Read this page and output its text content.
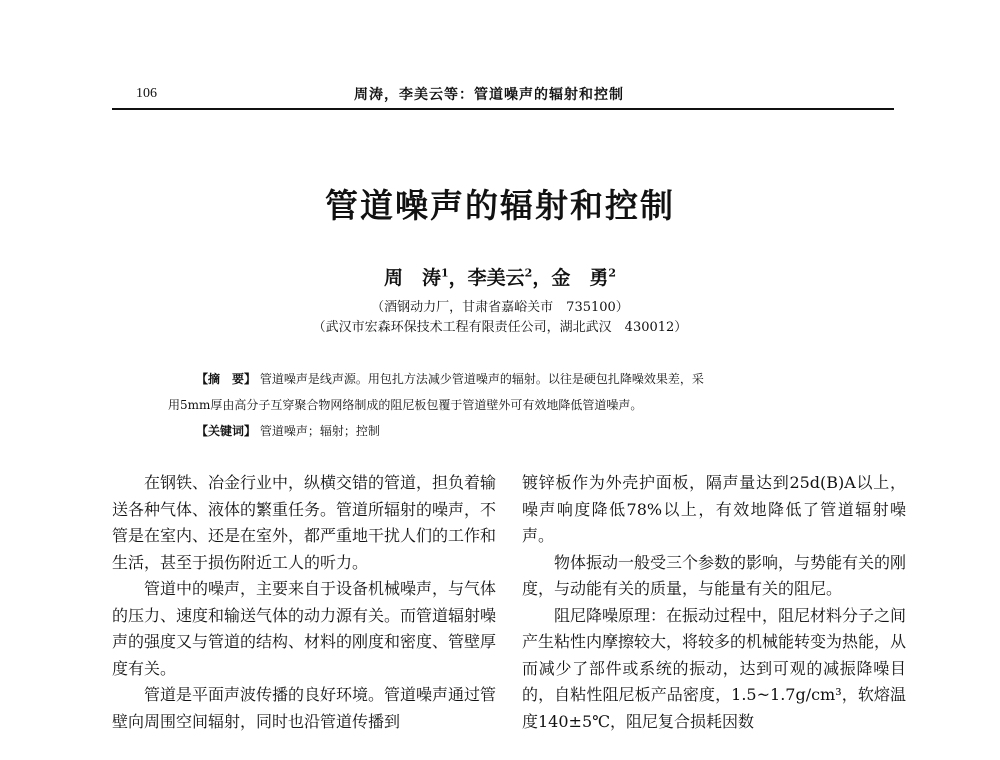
106	周涛，李美云等：管道噪声的辐射和控制
管道噪声的辐射和控制
周　涛$^1$，李美云$^2$，金　勇$^2$
（酒钢动力厂，甘肃省嘉峪关市　735100）
（武汉市宏森环保技术工程有限责任公司，湖北武汉　430012）
【摘　要】 管道噪声是线声源。用包扎方法减少管道噪声的辐射。以往是硬包扎降噪效果差，采
用5mm厚由高分子互穿聚合物网络制成的阻尼板包覆于管道壁外可有效地降低管道噪声。
【关键词】 管道噪声；辐射；控制

在钢铁、冶金行业中，纵横交错的管道，担负着输送各种气体、液体的繁重任务。管道所辐射的噪声，不管是在室内、还是在室外，都严重地干扰人们的工作和生活，甚至于损伤附近工人的听力。

管道中的噪声，主要来自于设备机械噪声，与气体的压力、速度和输送气体的动力源有关。而管道辐射噪声的强度又与管道的结构、材料的刚度和密度、管壁厚度有关。

管道是平面声波传播的良好环境。管道噪声通过管壁向周围空间辐射，同时也沿管道传播到

镀锌板作为外壳护面板，隔声量达到25d(B)A以上，噪声响度降低78%以上，有效地降低了管道辐射噪声。

物体振动一般受三个参数的影响，与势能有关的刚度，与动能有关的质量，与能量有关的阻尼。

阻尼降噪原理：在振动过程中，阻尼材料分子之间产生粘性内摩擦较大，将较多的机械能转变为热能，从而减少了部件或系统的振动，达到可观的减振降噪目的，自粘性阻尼板产品密度，1.5~1.7g/cm³，软熔温度140±5℃，阻尼复合损耗因数
